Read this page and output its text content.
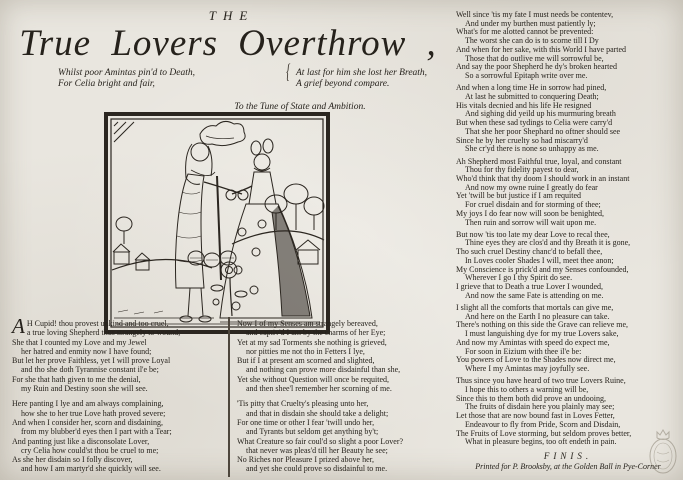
THE
True Lovers Overthrow ,
Whilst poor Amintas pin'd to Death,
For Celia bright and fair,
{ At last for him she lost her Breath,
A grief beyond compare.
To the Tune of State and Ambition.
AH Cupid! thou provest unkind and too cruel,
a true loving Shepherd thus strangely to wound;
She that I counted my Love and my Jewel
her hatred and enmity now I have found;
But let her prove Faithless, yet I will prove Loyal
and tho she doth Tyrannise constant il'e be;
For she that hath given to me the denial,
my Ruin and Destiny soon she will see.
Here panting I lye and am always complaining,
how she to her true Love hath proved severe;
And when I consider her, scorn and disdaining,
from my blubber'd eyes then I part with a Tear;
And panting just like a disconsolate Lover,
cry Celia how could'st thou be cruel to me;
As she her disdain so I folly discover,
and how I am martyr'd she quickly will see.
Now I of my Senses am strangely bereaved,
and captiv'd I am by the charms of her Eye;
Yet at my sad Torments she nothing is grieved,
nor pitties me not tho in Fetters I lye,
But if I at present am scorned and slighted,
and nothing can prove more disdainful than she,
Yet she without Question will once be requited,
and then shee'l remember her scorning of me.
'Tis pitty that Cruelty's pleasing unto her,
and that in disdain she should take a delight;
For one time or other I fear 'twill undo her,
and Tyrants but seldom get anything by't;
What Creature so fair coul'd so slight a poor Lover?
that never was pleas'd till her Beauty he see;
No Riches nor Pleasure I prized above her,
and yet she could prove so disdainful to me.
Well since 'tis my fate I must needs be contentev,
And under my burthen must patiently ly;
What's for me alotted cannot be prevented:
The worst she can do is to scorne till I Dy
And when for her sake, with this World I have parted
Those that do outlive me will sorrowful be,
And say the poor Shepherd he dy's broken hearted
So a sorrowful Epitaph write over me.
And when a long time He in sorrow had pined,
At last he submitted to conquering Death;
His vitals decnied and his life He resigned
And sighing did yeild up his murmuring breath
But when these sad tydings to Celia were carry'd
That she her poor Shephard no oftner should see
Since he by her cruelty so had miscarry'd
She cr'yd there is none so unhappy as me.
Ah Shepherd most Faithful true, loyal, and constant
Thou for thy fidelity payest to dear,
Who'd think that thy doom I should work in an instant
And now my owne ruine I greatly do fear
Yet 'twill be but justice if I am requited
For cruel disdain and for storming of thee;
My joys I do fear now will soon be benighted,
Then ruin and sorrow will wait upon me.
But now 'tis too late my dear Love to recal thee,
Thine eyes they are clos'd and thy Breath it is gone,
Tho such cruel Destiny chanc'd to befall thee,
In Loves cooler Shades I will, meet thee anon;
My Conscience is prick'd and my Senses confounded,
Wherever I go I thy Spirit do see.
I grieve that to Death a true Lover I wounded,
And now the same Fate is attending on me.
I slight all the comforts that mortals can give me,
And here on the Earth I no pleasure can take.
There's nothing on this side the Grave can relieve me,
I must languishing dye for my true Lovers sake,
And now my Amintas with speed do expect me,
For soon in Eizium with thee il'e be:
You powers of Love to the Shades now direct me,
Where I my Amintas may joyfully see.
Thus since you have heard of two true Lovers Ruine,
I hope this to others a warning will be,
Since this to them both did prove an undooing,
The fruits of disdain here you plainly may see;
Let those that are now bound fast in Loves Fetter,
Endeavour to fly from Pride, Scorn and Disdain,
The Fruits of Love storming, but seldom proves better,
What in pleasure begins, too oft endeth in pain.
FINIS.
Printed for P. Brooksby, at the Golden Ball in Pye-Corner
